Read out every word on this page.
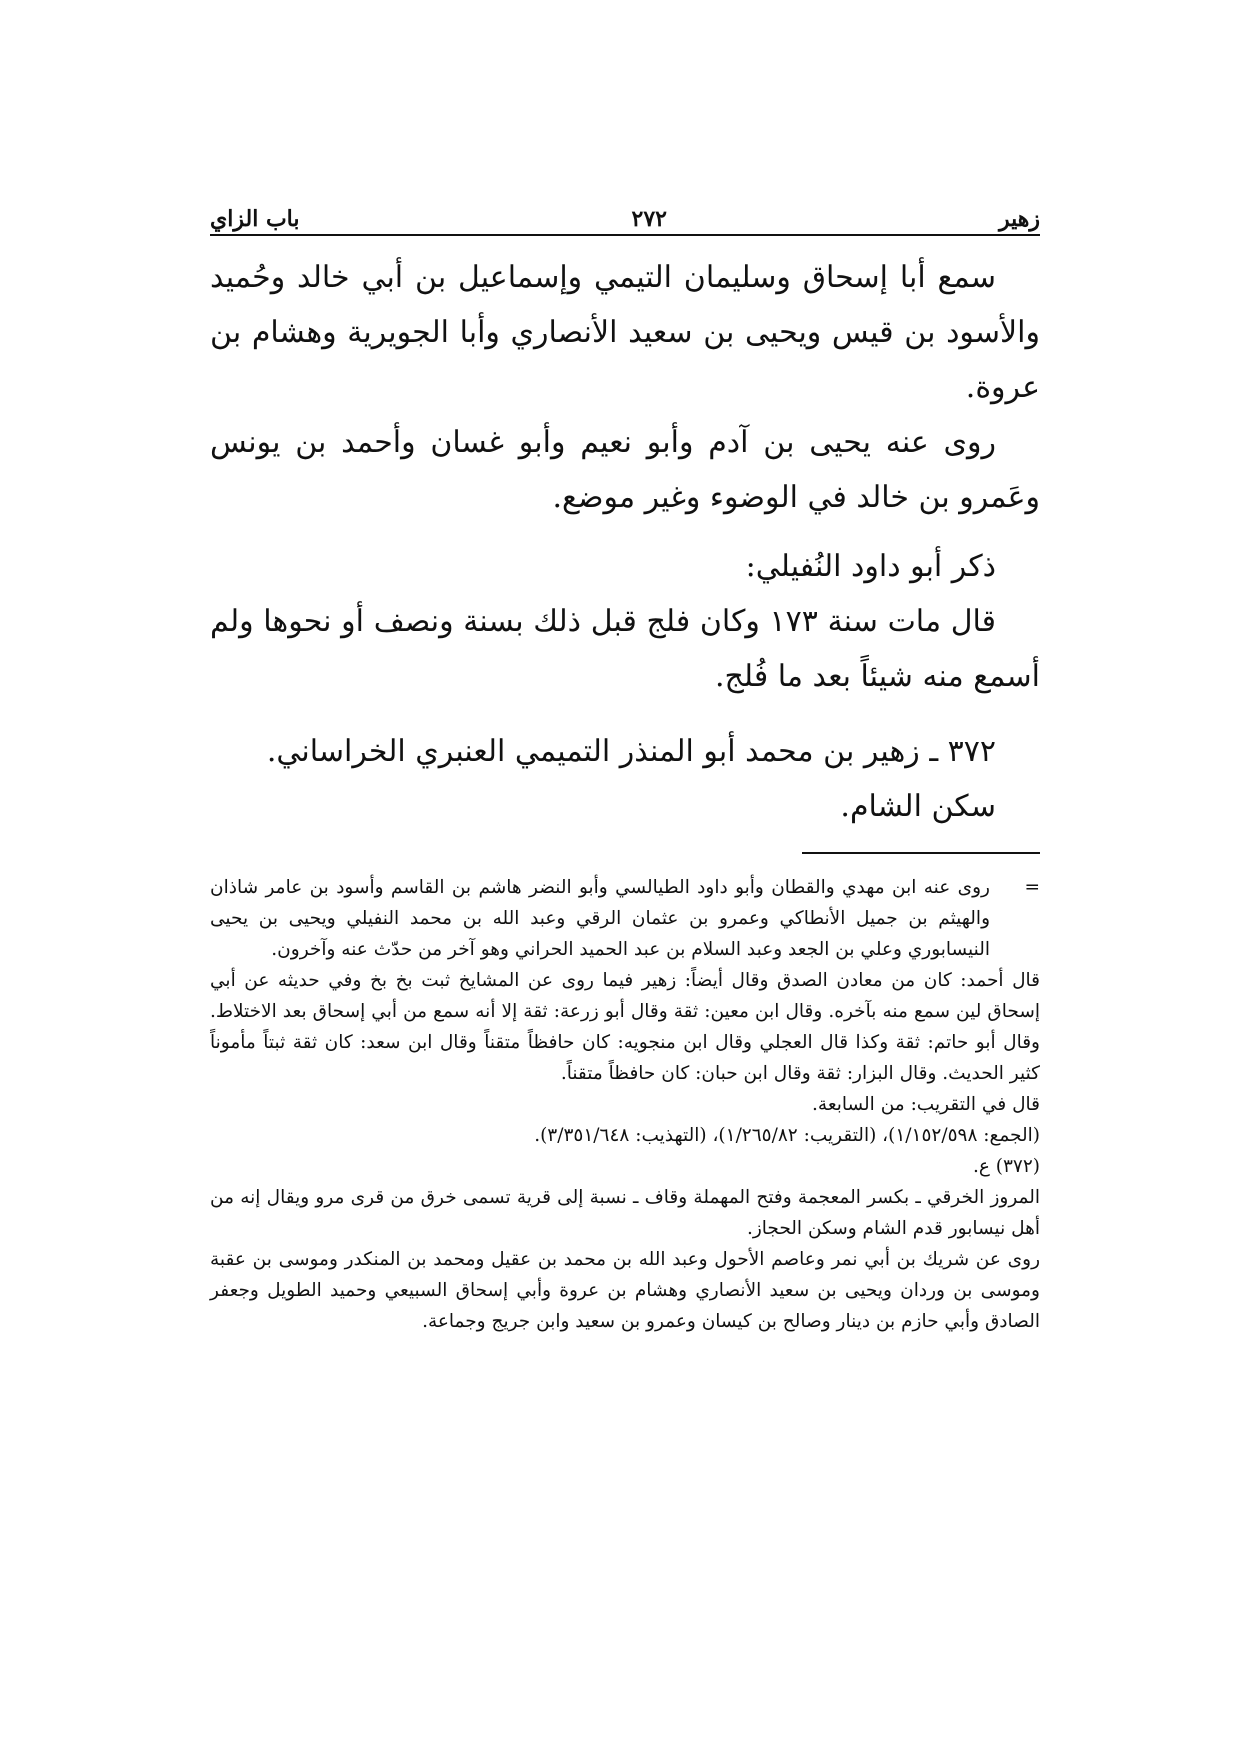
زهير
٢٧٢
باب الزاي

سمع أبا إسحاق وسليمان التيمي وإسماعيل بن أبي خالد وحُميد والأسود بن قيس ويحيى بن سعيد الأنصاري وأبا الجويرية وهشام بن عروة.

روى عنه يحيى بن آدم وأبو نعيم وأبو غسان وأحمد بن يونس وعَمرو بن خالد في الوضوء وغير موضع.

ذكر أبو داود النُفيلي:

قال مات سنة ١٧٣ وكان فلج قبل ذلك بسنة ونصف أو نحوها ولم أسمع منه شيئاً بعد ما فُلج.

٣٧٢ ـ زهير بن محمد أبو المنذر التميمي العنبري الخراساني.

سكن الشام.

=
روى عنه ابن مهدي والقطان وأبو داود الطيالسي وأبو النضر هاشم بن القاسم وأسود بن عامر شاذان والهيثم بن جميل الأنطاكي وعمرو بن عثمان الرقي وعبد الله بن محمد النفيلي ويحيى بن يحيى النيسابوري وعلي بن الجعد وعبد السلام بن عبد الحميد الحراني وهو آخر من حدّث عنه وآخرون.

قال أحمد: كان من معادن الصدق وقال أيضاً: زهير فيما روى عن المشايخ ثبت بخ بخ وفي حديثه عن أبي إسحاق لين سمع منه بآخره. وقال ابن معين: ثقة وقال أبو زرعة: ثقة إلا أنه سمع من أبي إسحاق بعد الاختلاط. وقال أبو حاتم: ثقة وكذا قال العجلي وقال ابن منجويه: كان حافظاً متقناً وقال ابن سعد: كان ثقة ثبتاً مأموناً كثير الحديث. وقال البزار: ثقة وقال ابن حبان: كان حافظاً متقناً.

قال في التقريب: من السابعة.

(الجمع: ١/١٥٢/٥٩٨)، (التقريب: ١/٢٦٥/٨٢)، (التهذيب: ٣/٣٥١/٦٤٨).

(٣٧٢) ع.

المروز الخرقي ـ بكسر المعجمة وفتح المهملة وقاف ـ نسبة إلى قرية تسمى خرق من قرى مرو ويقال إنه من أهل نيسابور قدم الشام وسكن الحجاز.

روى عن شريك بن أبي نمر وعاصم الأحول وعبد الله بن محمد بن عقيل ومحمد بن المنكدر وموسى بن عقبة وموسى بن وردان ويحيى بن سعيد الأنصاري وهشام بن عروة وأبي إسحاق السبيعي وحميد الطويل وجعفر الصادق وأبي حازم بن دينار وصالح بن كيسان وعمرو بن سعيد وابن جريج وجماعة.
